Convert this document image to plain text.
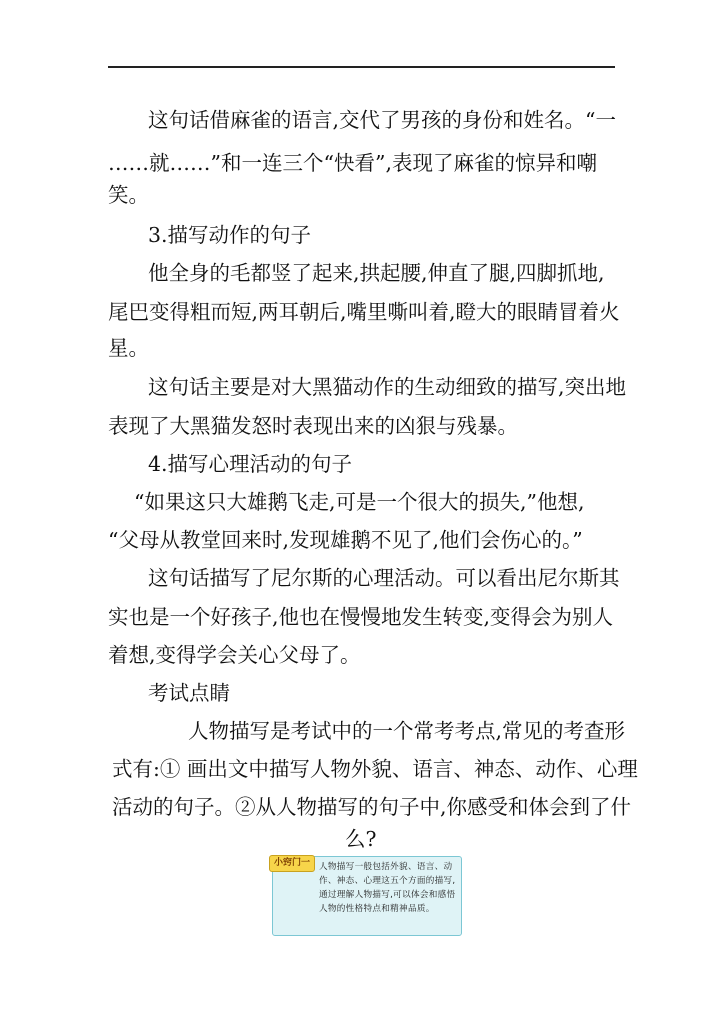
这句话借麻雀的语言,交代了男孩的身份和姓名。“一
……就……”和一连三个“快看”,表现了麻雀的惊异和嘲
笑。
3.描写动作的句子
他全身的毛都竖了起来,拱起腰,伸直了腿,四脚抓地,
尾巴变得粗而短,两耳朝后,嘴里嘶叫着,瞪大的眼睛冒着火
星。
这句话主要是对大黑猫动作的生动细致的描写,突出地
表现了大黑猫发怒时表现出来的凶狠与残暴。
4.描写心理活动的句子
“如果这只大雄鹅飞走,可是一个很大的损失,”他想,
“父母从教堂回来时,发现雄鹅不见了,他们会伤心的。”
这句话描写了尼尔斯的心理活动。可以看出尼尔斯其
实也是一个好孩子,他也在慢慢地发生转变,变得会为别人
着想,变得学会关心父母了。
考试点睛
人物描写是考试中的一个常考考点,常见的考查形
式有:① 画出文中描写人物外貌、语言、神态、动作、心理
活动的句子。②从人物描写的句子中,你感受和体会到了什
么?
小窍门一	人物描写一般包括外貌、语言、动作、神态、心理这五个方面的描写,通过理解人物描写,可以体会和感悟人物的性格特点和精神品质。
